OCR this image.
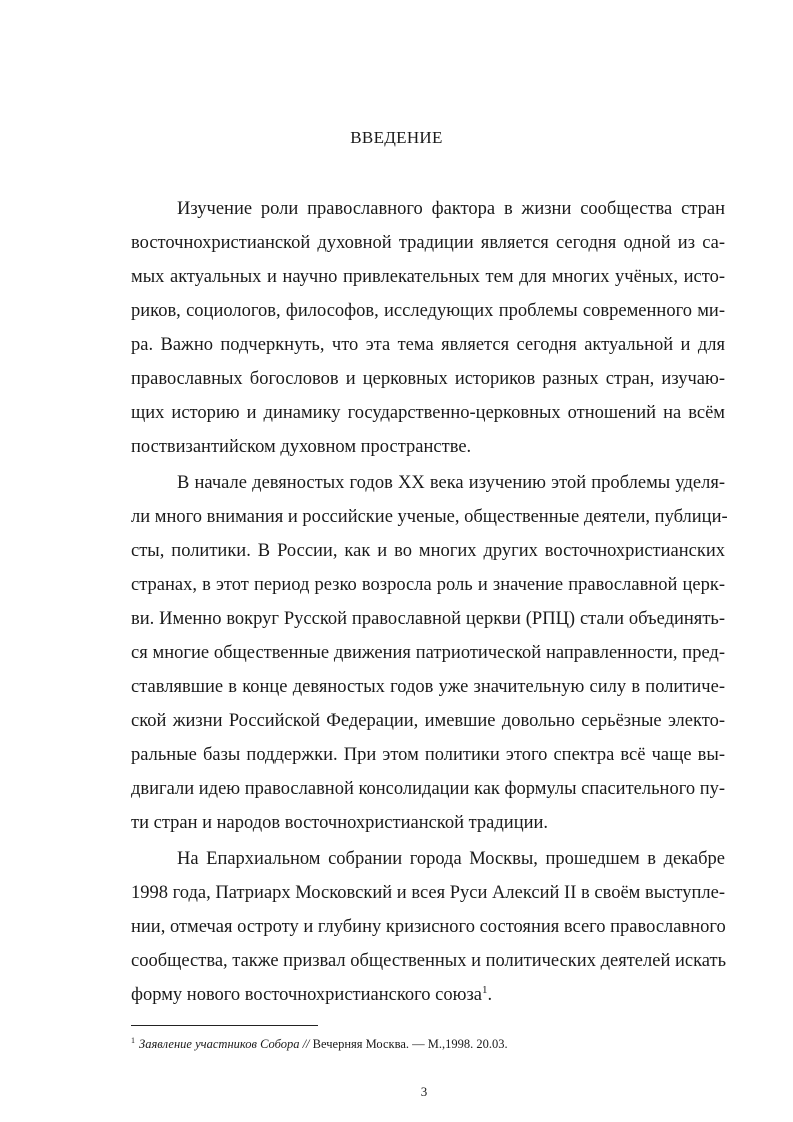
ВВЕДЕНИЕ

Изучение роли православного фактора в жизни сообщества стран
восточнохристианской духовной традиции является сегодня одной из са-
мых актуальных и научно привлекательных тем для многих учёных, исто-
риков, социологов, философов, исследующих проблемы современного ми-
ра. Важно подчеркнуть, что эта тема является сегодня актуальной и для
православных богословов и церковных историков разных стран, изучаю-
щих историю и динамику государственно-церковных отношений на всём
поствизантийском духовном пространстве.

В начале девяностых годов XX века изучению этой проблемы уделя-
ли много внимания и российские ученые, общественные деятели, публици-
сты, политики. В России, как и во многих других восточнохристианских
странах, в этот период резко возросла роль и значение православной церк-
ви. Именно вокруг Русской православной церкви (РПЦ) стали объединять-
ся многие общественные движения патриотической направленности, пред-
ставлявшие в конце девяностых годов уже значительную силу в политиче-
ской жизни Российской Федерации, имевшие довольно серьёзные электо-
ральные базы поддержки. При этом политики этого спектра всё чаще вы-
двигали идею православной консолидации как формулы спасительного пу-
ти стран и народов восточнохристианской традиции.

На Епархиальном собрании города Москвы, прошедшем в декабре
1998 года, Патриарх Московский и всея Руси Алексий II в своём выступле-
нии, отмечая остроту и глубину кризисного состояния всего православного
сообщества, также призвал общественных и политических деятелей искать
форму нового восточнохристианского союза$^1$.

$^1$ Заявление участников Собора // Вечерняя Москва. — М.,1998. 20.03.
3
